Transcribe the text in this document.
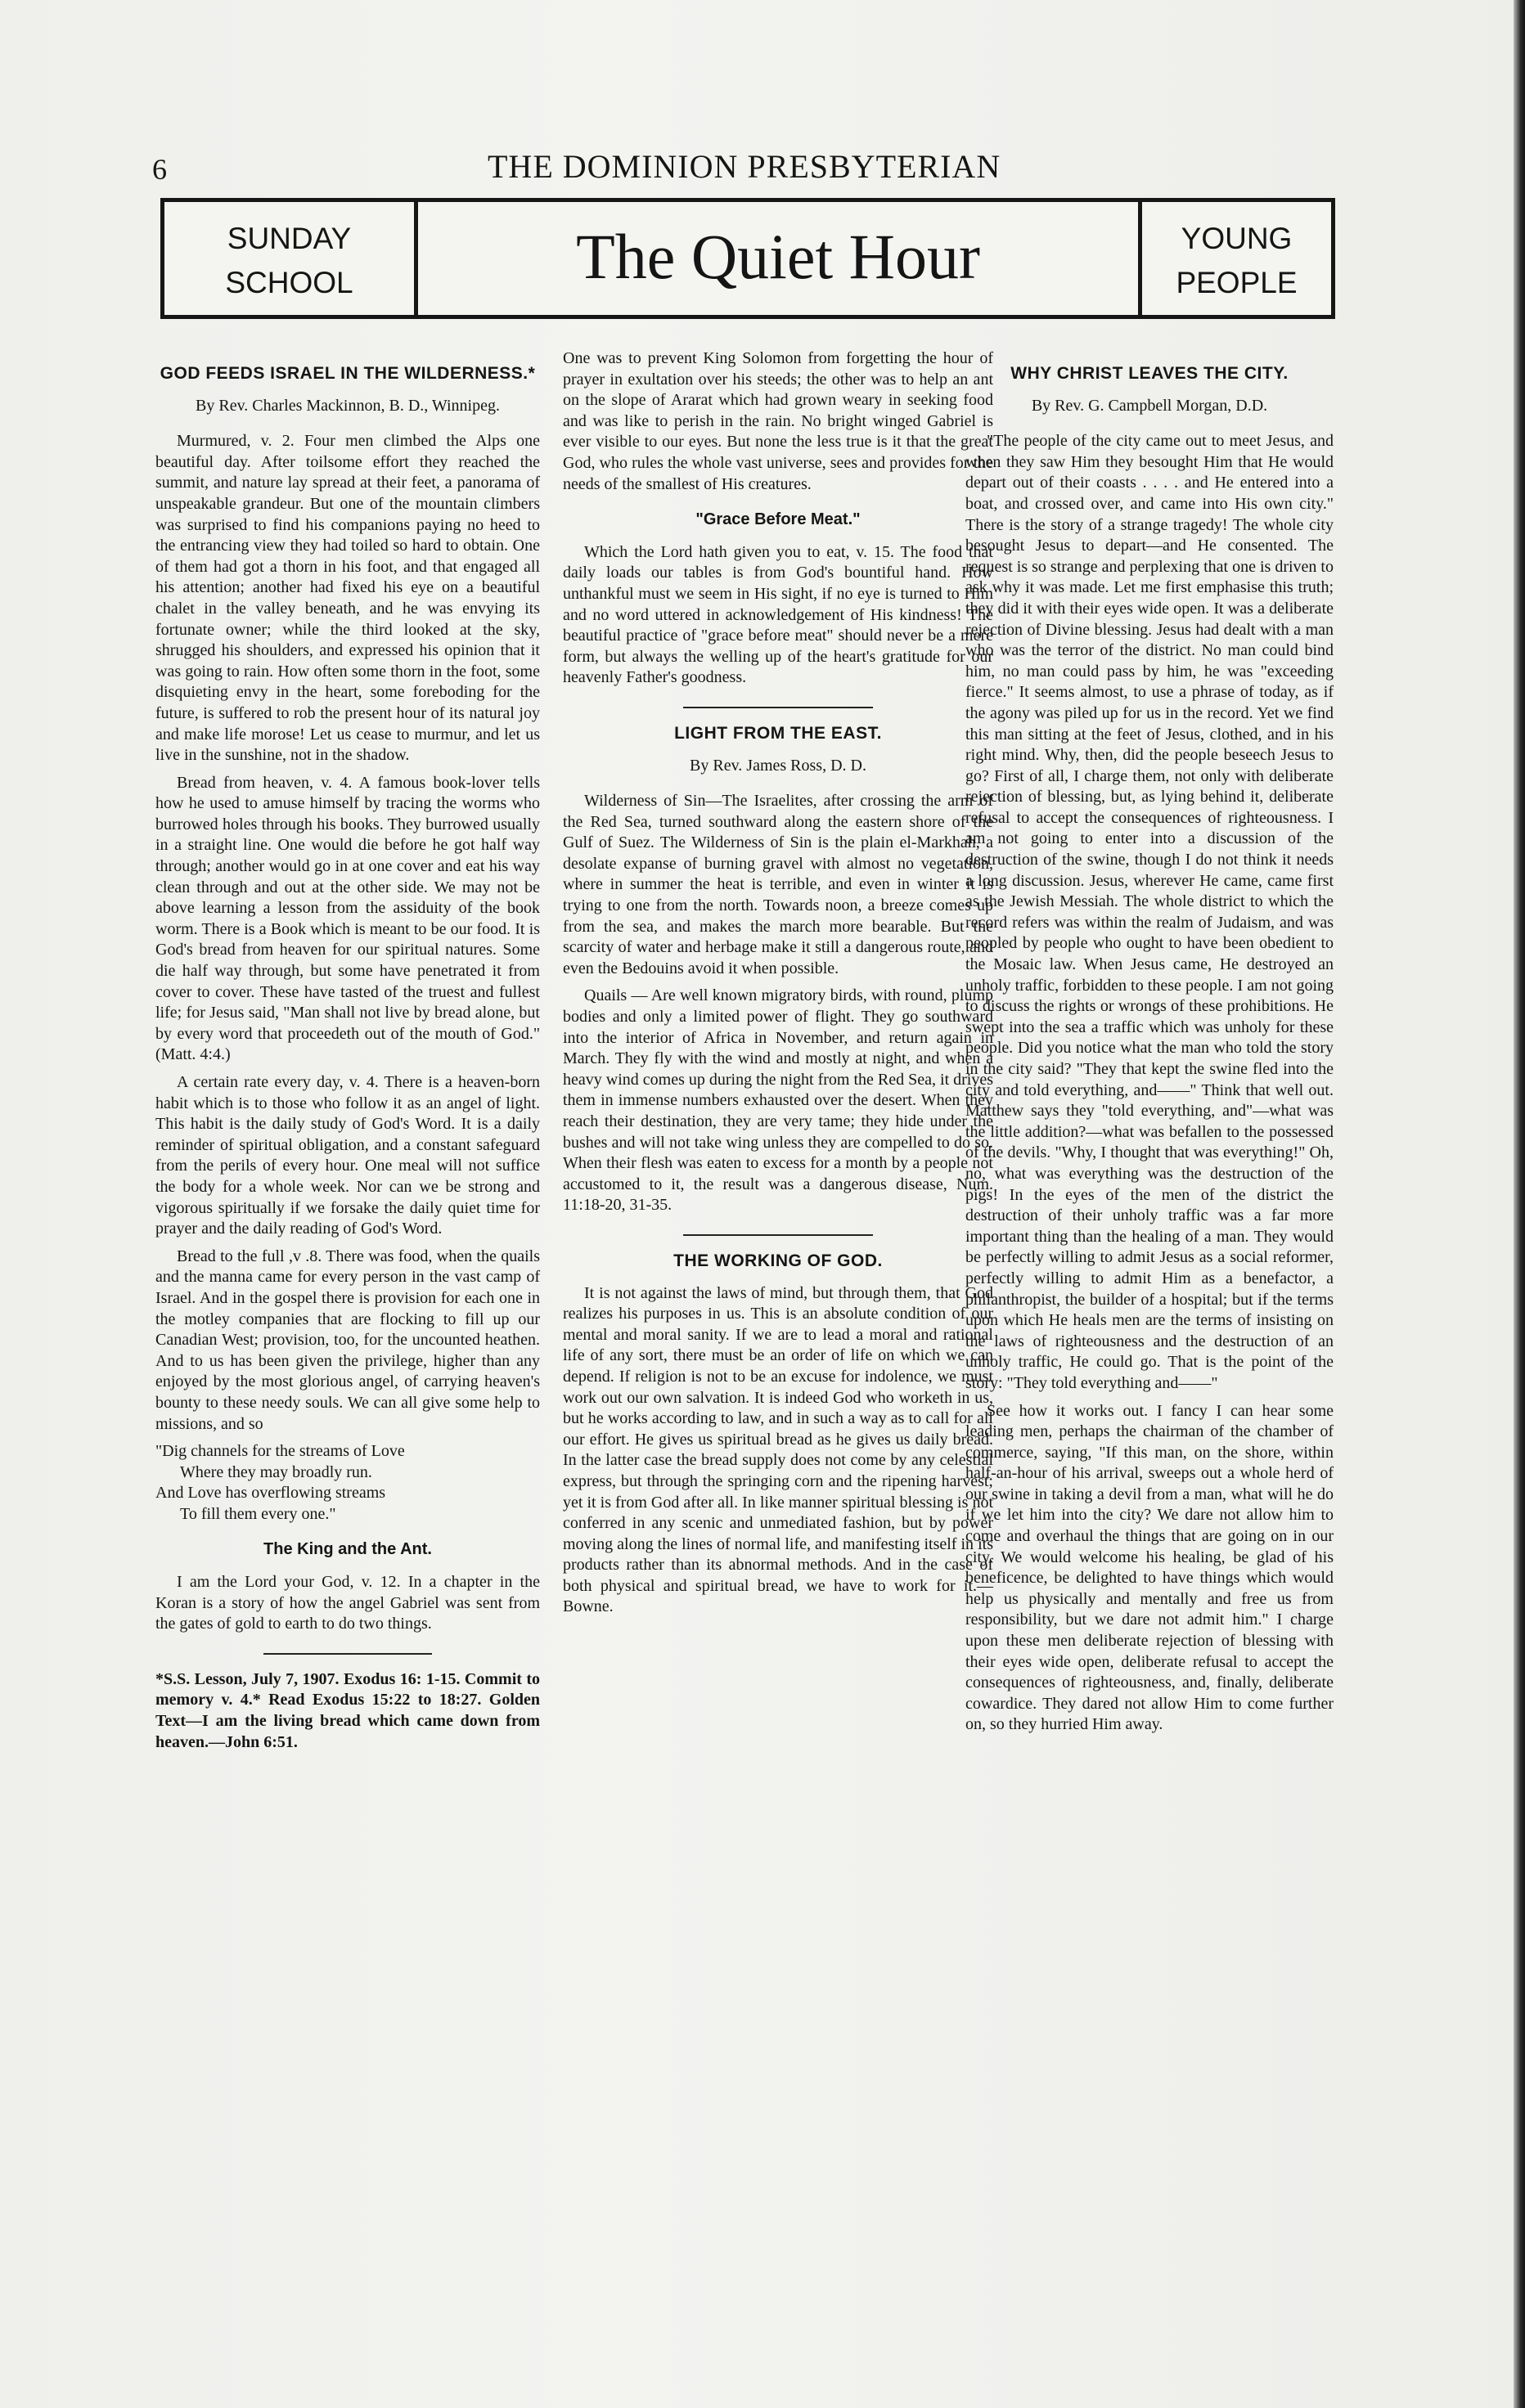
6	THE DOMINION PRESBYTERIAN
SUNDAY
SCHOOL	The Quiet Hour	YOUNG
PEOPLE
GOD FEEDS ISRAEL IN THE WILDERNESS.*
By Rev. Charles Mackinnon, B. D., Winnipeg.

Murmured, v. 2. Four men climbed the Alps one beautiful day. After toilsome effort they reached the summit, and nature lay spread at their feet, a panorama of unspeakable grandeur. But one of the mountain climbers was surprised to find his companions paying no heed to the entrancing view they had toiled so hard to obtain. One of them had got a thorn in his foot, and that engaged all his attention; another had fixed his eye on a beautiful chalet in the valley beneath, and he was envying its fortunate owner; while the third looked at the sky, shrugged his shoulders, and expressed his opinion that it was going to rain. How often some thorn in the foot, some disquieting envy in the heart, some foreboding for the future, is suffered to rob the present hour of its natural joy and make life morose! Let us cease to murmur, and let us live in the sunshine, not in the shadow.

Bread from heaven, v. 4. A famous book-lover tells how he used to amuse himself by tracing the worms who burrowed holes through his books. They burrowed usually in a straight line. One would die before he got half way through; another would go in at one cover and eat his way clean through and out at the other side. We may not be above learning a lesson from the assiduity of the book worm. There is a Book which is meant to be our food. It is God's bread from heaven for our spiritual natures. Some die half way through, but some have penetrated it from cover to cover. These have tasted of the truest and fullest life; for Jesus said, "Man shall not live by bread alone, but by every word that proceedeth out of the mouth of God." (Matt. 4:4.)

A certain rate every day, v. 4. There is a heaven-born habit which is to those who follow it as an angel of light. This habit is the daily study of God's Word. It is a daily reminder of spiritual obligation, and a constant safeguard from the perils of every hour. One meal will not suffice the body for a whole week. Nor can we be strong and vigorous spiritually if we forsake the daily quiet time for prayer and the daily reading of God's Word.

Bread to the full ,v .8. There was food, when the quails and the manna came for every person in the vast camp of Israel. And in the gospel there is provision for each one in the motley companies that are flocking to fill up our Canadian West; provision, too, for the uncounted heathen. And to us has been given the privilege, higher than any enjoyed by the most glorious angel, of carrying heaven's bounty to these needy souls. We can all give some help to missions, and so

"Dig channels for the streams of Love
Where they may broadly run.
And Love has overflowing streams
To fill them every one."
The King and the Ant.

I am the Lord your God, v. 12. In a chapter in the Koran is a story of how the angel Gabriel was sent from the gates of gold to earth to do two things.

*S.S. Lesson, July 7, 1907. Exodus 16: 1-15. Commit to memory v. 4.* Read Exodus 15:22 to 18:27. Golden Text—I am the living bread which came down from heaven.—John 6:51.

One was to prevent King Solomon from forgetting the hour of prayer in exultation over his steeds; the other was to help an ant on the slope of Ararat which had grown weary in seeking food and was like to perish in the rain. No bright winged Gabriel is ever visible to our eyes. But none the less true is it that the great God, who rules the whole vast universe, sees and provides for the needs of the smallest of His creatures.

"Grace Before Meat."

Which the Lord hath given you to eat, v. 15. The food that daily loads our tables is from God's bountiful hand. How unthankful must we seem in His sight, if no eye is turned to Him and no word uttered in acknowledgement of His kindness! The beautiful practice of "grace before meat" should never be a mere form, but always the welling up of the heart's gratitude for our heavenly Father's goodness.

LIGHT FROM THE EAST.
By Rev. James Ross, D. D.

Wilderness of Sin—The Israelites, after crossing the arm of the Red Sea, turned southward along the eastern shore of the Gulf of Suez. The Wilderness of Sin is the plain el-Markhah, a desolate expanse of burning gravel with almost no vegetation, where in summer the heat is terrible, and even in winter it is trying to one from the north. Towards noon, a breeze comes up from the sea, and makes the march more bearable. But the scarcity of water and herbage make it still a dangerous route, and even the Bedouins avoid it when possible.

Quails — Are well known migratory birds, with round, plump bodies and only a limited power of flight. They go southward into the interior of Africa in November, and return again in March. They fly with the wind and mostly at night, and when a heavy wind comes up during the night from the Red Sea, it drives them in immense numbers exhausted over the desert. When they reach their destination, they are very tame; they hide under the bushes and will not take wing unless they are compelled to do so. When their flesh was eaten to excess for a month by a people not accustomed to it, the result was a dangerous disease, Num. 11:18-20, 31-35.

THE WORKING OF GOD.

It is not against the laws of mind, but through them, that God realizes his purposes in us. This is an absolute condition of our mental and moral sanity. If we are to lead a moral and rational life of any sort, there must be an order of life on which we can depend. If religion is not to be an excuse for indolence, we must work out our own salvation. It is indeed God who worketh in us, but he works according to law, and in such a way as to call for all our effort. He gives us spiritual bread as he gives us daily bread. In the latter case the bread supply does not come by any celestial express, but through the springing corn and the ripening harvest; yet it is from God after all. In like manner spiritual blessing is not conferred in any scenic and unmediated fashion, but by power moving along the lines of normal life, and manifesting itself in its products rather than its abnormal methods. And in the case of both physical and spiritual bread, we have to work for it.—Bowne.

WHY CHRIST LEAVES THE CITY.
By Rev. G. Campbell Morgan, D.D.

"The people of the city came out to meet Jesus, and when they saw Him they besought Him that He would depart out of their coasts . . . . and He entered into a boat, and crossed over, and came into His own city." There is the story of a strange tragedy! The whole city besought Jesus to depart—and He consented. The request is so strange and perplexing that one is driven to ask why it was made. Let me first emphasise this truth; they did it with their eyes wide open. It was a deliberate rejection of Divine blessing. Jesus had dealt with a man who was the terror of the district. No man could bind him, no man could pass by him, he was "exceeding fierce." It seems almost, to use a phrase of today, as if the agony was piled up for us in the record. Yet we find this man sitting at the feet of Jesus, clothed, and in his right mind. Why, then, did the people beseech Jesus to go? First of all, I charge them, not only with deliberate rejection of blessing, but, as lying behind it, deliberate refusal to accept the consequences of righteousness. I am not going to enter into a discussion of the destruction of the swine, though I do not think it needs a long discussion. Jesus, wherever He came, came first as the Jewish Messiah. The whole district to which the record refers was within the realm of Judaism, and was peopled by people who ought to have been obedient to the Mosaic law. When Jesus came, He destroyed an unholy traffic, forbidden to these people. I am not going to discuss the rights or wrongs of these prohibitions. He swept into the sea a traffic which was unholy for these people. Did you notice what the man who told the story in the city said? "They that kept the swine fled into the city and told everything, and——" Think that well out. Matthew says they "told everything, and"—what was the little addition?—what was befallen to the possessed of the devils. "Why, I thought that was everything!" Oh, no, what was everything was the destruction of the pigs! In the eyes of the men of the district the destruction of their unholy traffic was a far more important thing than the healing of a man. They would be perfectly willing to admit Jesus as a social reformer, perfectly willing to admit Him as a benefactor, a philanthropist, the builder of a hospital; but if the terms upon which He heals men are the terms of insisting on the laws of righteousness and the destruction of an unholy traffic, He could go. That is the point of the story: "They told everything and——"

See how it works out. I fancy I can hear some leading men, perhaps the chairman of the chamber of commerce, saying, "If this man, on the shore, within half-an-hour of his arrival, sweeps out a whole herd of our swine in taking a devil from a man, what will he do if we let him into the city? We dare not allow him to come and overhaul the things that are going on in our city. We would welcome his healing, be glad of his beneficence, be delighted to have things which would help us physically and mentally and free us from responsibility, but we dare not admit him." I charge upon these men deliberate rejection of blessing with their eyes wide open, deliberate refusal to accept the consequences of righteousness, and, finally, deliberate cowardice. They dared not allow Him to come further on, so they hurried Him away.
